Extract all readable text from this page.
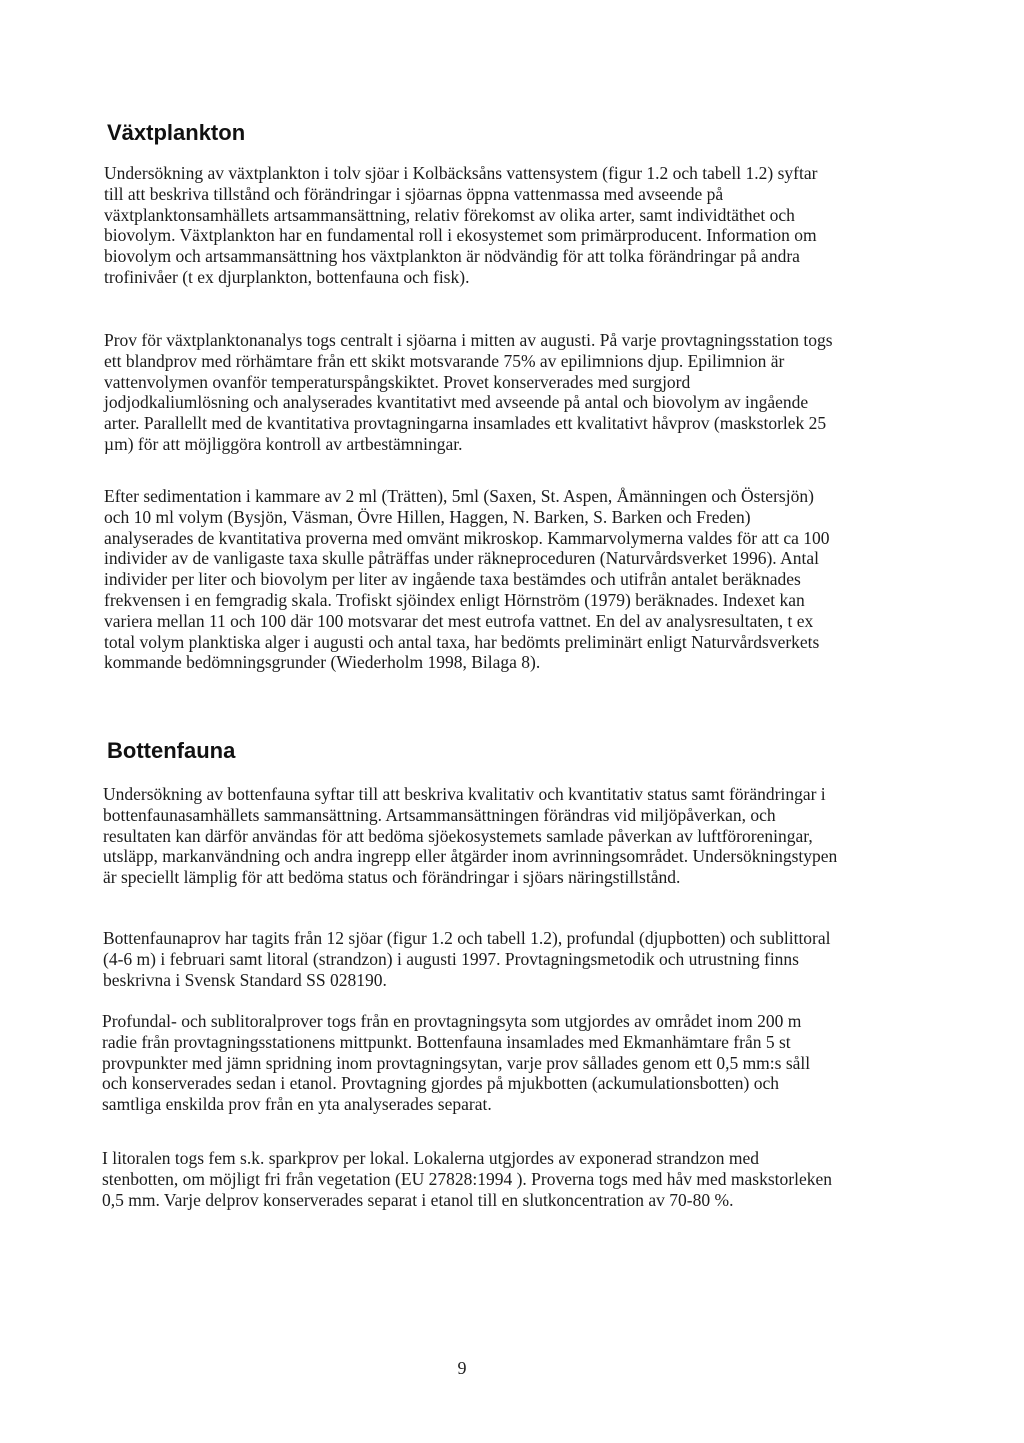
Växtplankton

Undersökning av växtplankton i tolv sjöar i Kolbäcksåns vattensystem (figur 1.2 och tabell 1.2) syftar till att beskriva tillstånd och förändringar i sjöarnas öppna vattenmassa med avseende på växtplanktonsamhällets artsammansättning, relativ förekomst av olika arter, samt individtäthet och biovolym. Växtplankton har en fundamental roll i ekosystemet som primärproducent. Information om biovolym och artsammansättning hos växtplankton är nödvändig för att tolka förändringar på andra trofinivåer (t ex djurplankton, bottenfauna och fisk).

Prov för växtplanktonanalys togs centralt i sjöarna i mitten av augusti. På varje provtagningsstation togs ett blandprov med rörhämtare från ett skikt motsvarande 75% av epilimnions djup. Epilimnion är vattenvolymen ovanför temperaturspångskiktet. Provet konserverades med surgjord jodjodkaliumlösning och analyserades kvantitativt med avseende på antal och biovolym av ingående arter. Parallellt med de kvantitativa provtagningarna insamlades ett kvalitativt håvprov (maskstorlek 25 µm) för att möjliggöra kontroll av artbestämningar.

Efter sedimentation i kammare av 2 ml (Trätten), 5ml (Saxen, St. Aspen, Åmänningen och Östersjön) och 10 ml volym (Bysjön, Väsman, Övre Hillen, Haggen, N. Barken, S. Barken och Freden) analyserades de kvantitativa proverna med omvänt mikroskop. Kammarvolymerna valdes för att ca 100 individer av de vanligaste taxa skulle påträffas under räkneproceduren (Naturvårdsverket 1996). Antal individer per liter och biovolym per liter av ingående taxa bestämdes och utifrån antalet beräknades frekvensen i en femgradig skala. Trofiskt sjöindex enligt Hörnström (1979) beräknades. Indexet kan variera mellan 11 och 100 där 100 motsvarar det mest eutrofa vattnet. En del av analysresultaten, t ex total volym planktiska alger i augusti och antal taxa, har bedömts preliminärt enligt Naturvårdsverkets kommande bedömningsgrunder (Wiederholm 1998, Bilaga 8).

Bottenfauna

Undersökning av bottenfauna syftar till att beskriva kvalitativ och kvantitativ status samt förändringar i bottenfaunasamhällets sammansättning. Artsammansättningen förändras vid miljöpåverkan, och resultaten kan därför användas för att bedöma sjöekosystemets samlade påverkan av luftföroreningar, utsläpp, markanvändning och andra ingrepp eller åtgärder inom avrinningsområdet. Undersökningstypen är speciellt lämplig för att bedöma status och förändringar i sjöars näringstillstånd.

Bottenfaunaprov har tagits från 12 sjöar (figur 1.2 och tabell 1.2), profundal (djupbotten) och sublittoral (4-6 m) i februari samt litoral (strandzon) i augusti 1997. Provtagningsmetodik och utrustning finns beskrivna i Svensk Standard SS 028190.

Profundal- och sublitoralprover togs från en provtagningsyta som utgjordes av området inom 200 m radie från provtagningsstationens mittpunkt. Bottenfauna insamlades med Ekmanhämtare från 5 st provpunkter med jämn spridning inom provtagningsytan, varje prov sållades genom ett 0,5 mm:s såll och konserverades sedan i etanol. Provtagning gjordes på mjukbotten (ackumulationsbotten) och samtliga enskilda prov från en yta analyserades separat.

I litoralen togs fem s.k. sparkprov per lokal. Lokalerna utgjordes av exponerad strandzon med stenbotten, om möjligt fri från vegetation (EU 27828:1994 ). Proverna togs med håv med maskstorleken 0,5 mm. Varje delprov konserverades separat i etanol till en slutkoncentration av 70-80 %.

9
